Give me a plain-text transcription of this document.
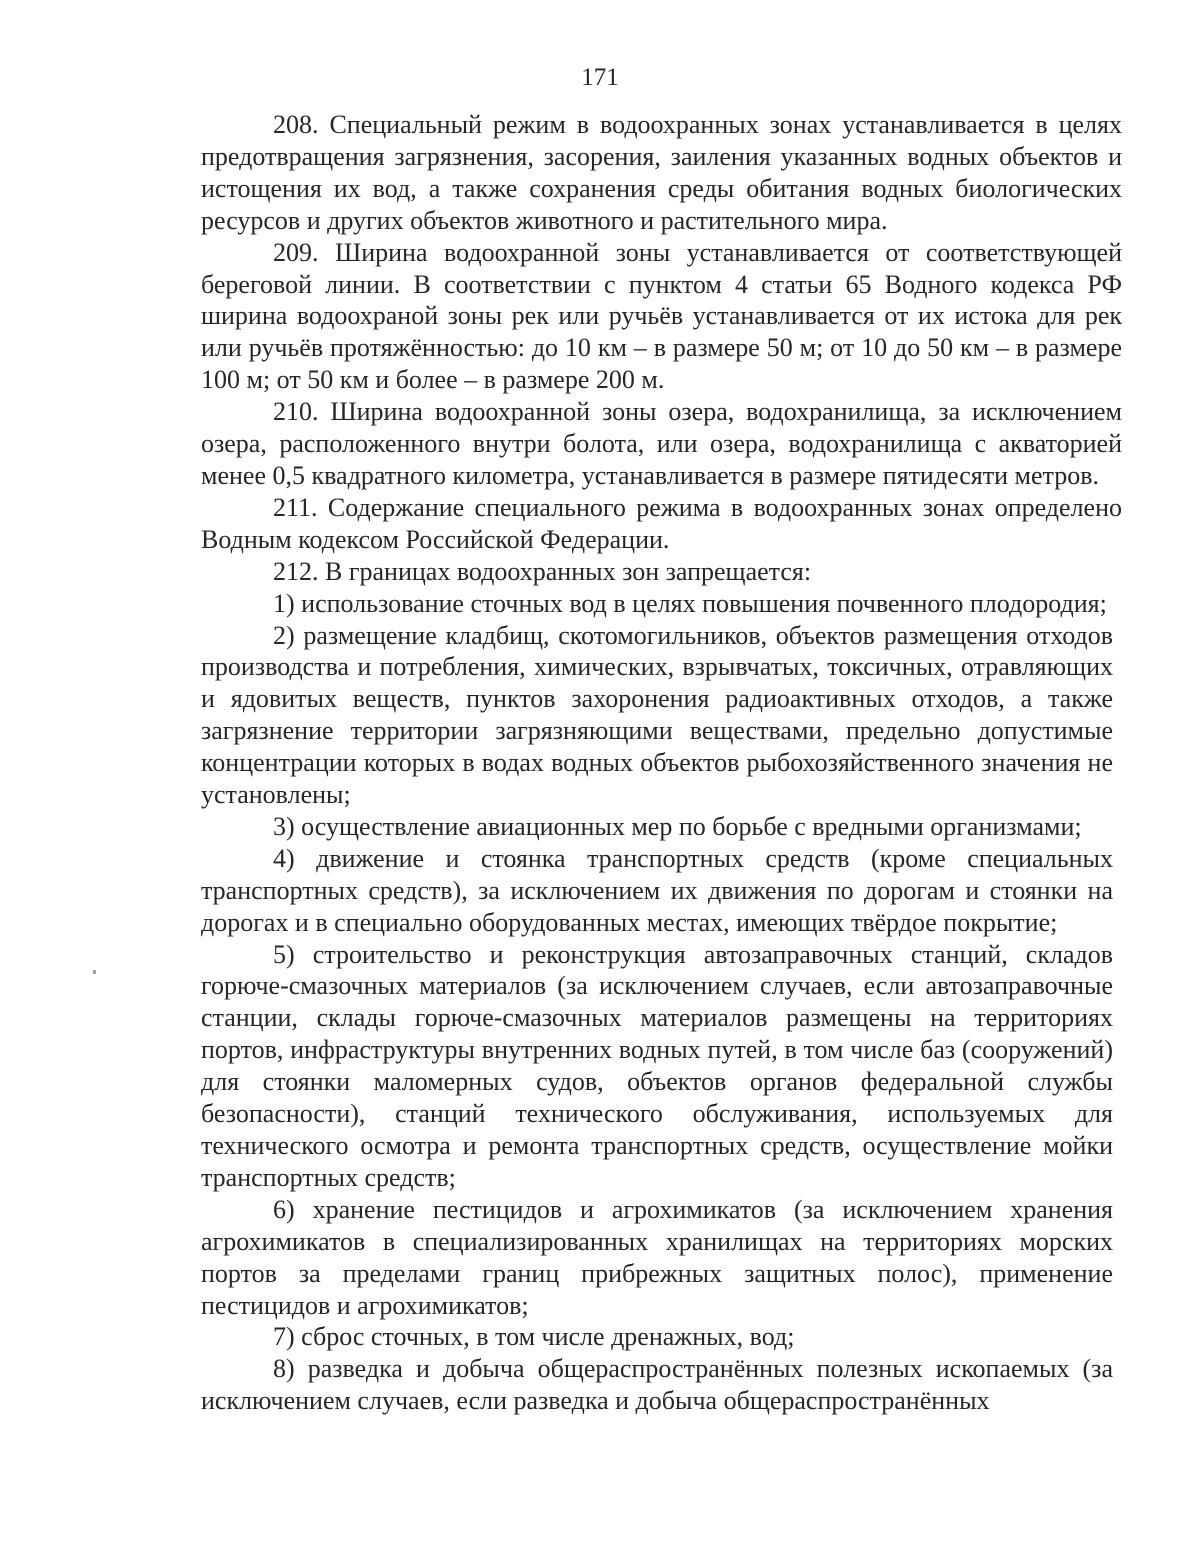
171

208. Специальный режим в водоохранных зонах устанавливается в целях предотвращения загрязнения, засорения, заиления указанных водных объектов и истощения их вод, а также сохранения среды обитания водных биологических ресурсов и других объектов животного и растительного мира.

209. Ширина водоохранной зоны устанавливается от соответствующей береговой линии. В соответствии с пунктом 4 статьи 65 Водного кодекса РФ ширина водоохраной зоны рек или ручьёв устанавливается от их истока для рек или ручьёв протяжённостью: до 10 км – в размере 50 м; от 10 до 50 км – в размере 100 м; от 50 км и более – в размере 200 м.

210. Ширина водоохранной зоны озера, водохранилища, за исключением озера, расположенного внутри болота, или озера, водохранилища с акваторией менее 0,5 квадратного километра, устанавливается в размере пятидесяти метров.

211. Содержание специального режима в водоохранных зонах определено Водным кодексом Российской Федерации.

212. В границах водоохранных зон запрещается:

1) использование сточных вод в целях повышения почвенного плодородия;

2) размещение кладбищ, скотомогильников, объектов размещения отходов производства и потребления, химических, взрывчатых, токсичных, отравляющих и ядовитых веществ, пунктов захоронения радиоактивных отходов, а также загрязнение территории загрязняющими веществами, предельно допустимые концентрации которых в водах водных объектов рыбохозяйственного значения не установлены;

3) осуществление авиационных мер по борьбе с вредными организмами;

4) движение и стоянка транспортных средств (кроме специальных транспортных средств), за исключением их движения по дорогам и стоянки на дорогах и в специально оборудованных местах, имеющих твёрдое покрытие;

5) строительство и реконструкция автозаправочных станций, складов горюче-смазочных материалов (за исключением случаев, если автозаправочные станции, склады горюче-смазочных материалов размещены на территориях портов, инфраструктуры внутренних водных путей, в том числе баз (сооружений) для стоянки маломерных судов, объектов органов федеральной службы безопасности), станций технического обслуживания, используемых для технического осмотра и ремонта транспортных средств, осуществление мойки транспортных средств;

6) хранение пестицидов и агрохимикатов (за исключением хранения агрохимикатов в специализированных хранилищах на территориях морских портов за пределами границ прибрежных защитных полос), применение пестицидов и агрохимикатов;

7) сброс сточных, в том числе дренажных, вод;

8) разведка и добыча общераспространённых полезных ископаемых (за исключением случаев, если разведка и добыча общераспространённых
